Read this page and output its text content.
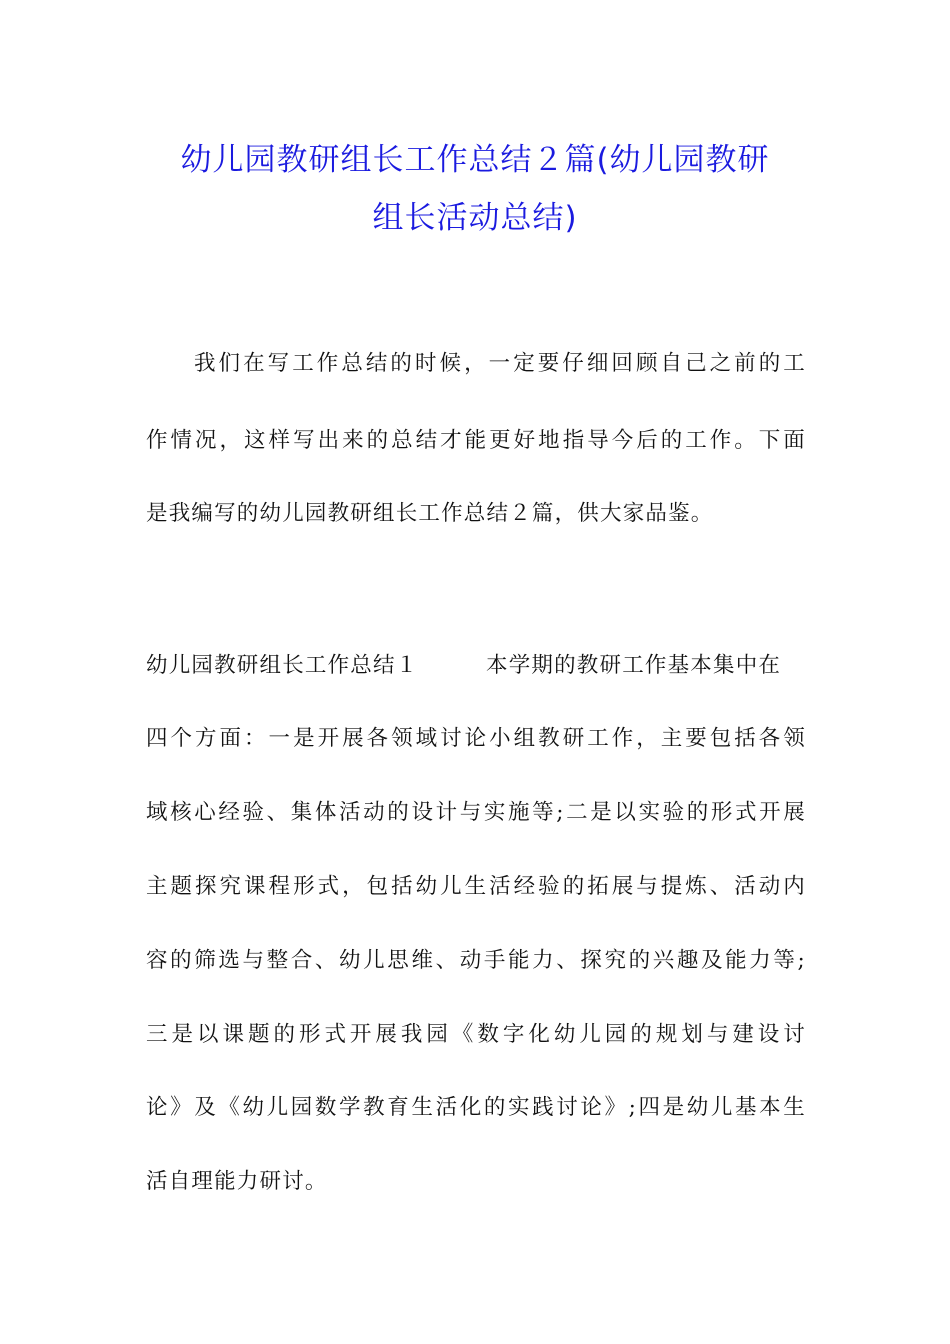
幼儿园教研组长工作总结２篇(幼儿园教研
组长活动总结)

我们在写工作总结的时候，一定要仔细回顾自己之前的工

作情况，这样写出来的总结才能更好地指导今后的工作。下面

是我编写的幼儿园教研组长工作总结２篇，供大家品鉴。

幼儿园教研组长工作总结１	本学期的教研工作基本集中在

四个方面：一是开展各领域讨论小组教研工作，主要包括各领

域核心经验、集体活动的设计与实施等;二是以实验的形式开展

主题探究课程形式，包括幼儿生活经验的拓展与提炼、活动内

容的筛选与整合、幼儿思维、动手能力、探究的兴趣及能力等;

三是以课题的形式开展我园《数字化幼儿园的规划与建设讨

论》及《幼儿园数学教育生活化的实践讨论》;四是幼儿基本生

活自理能力研讨。
